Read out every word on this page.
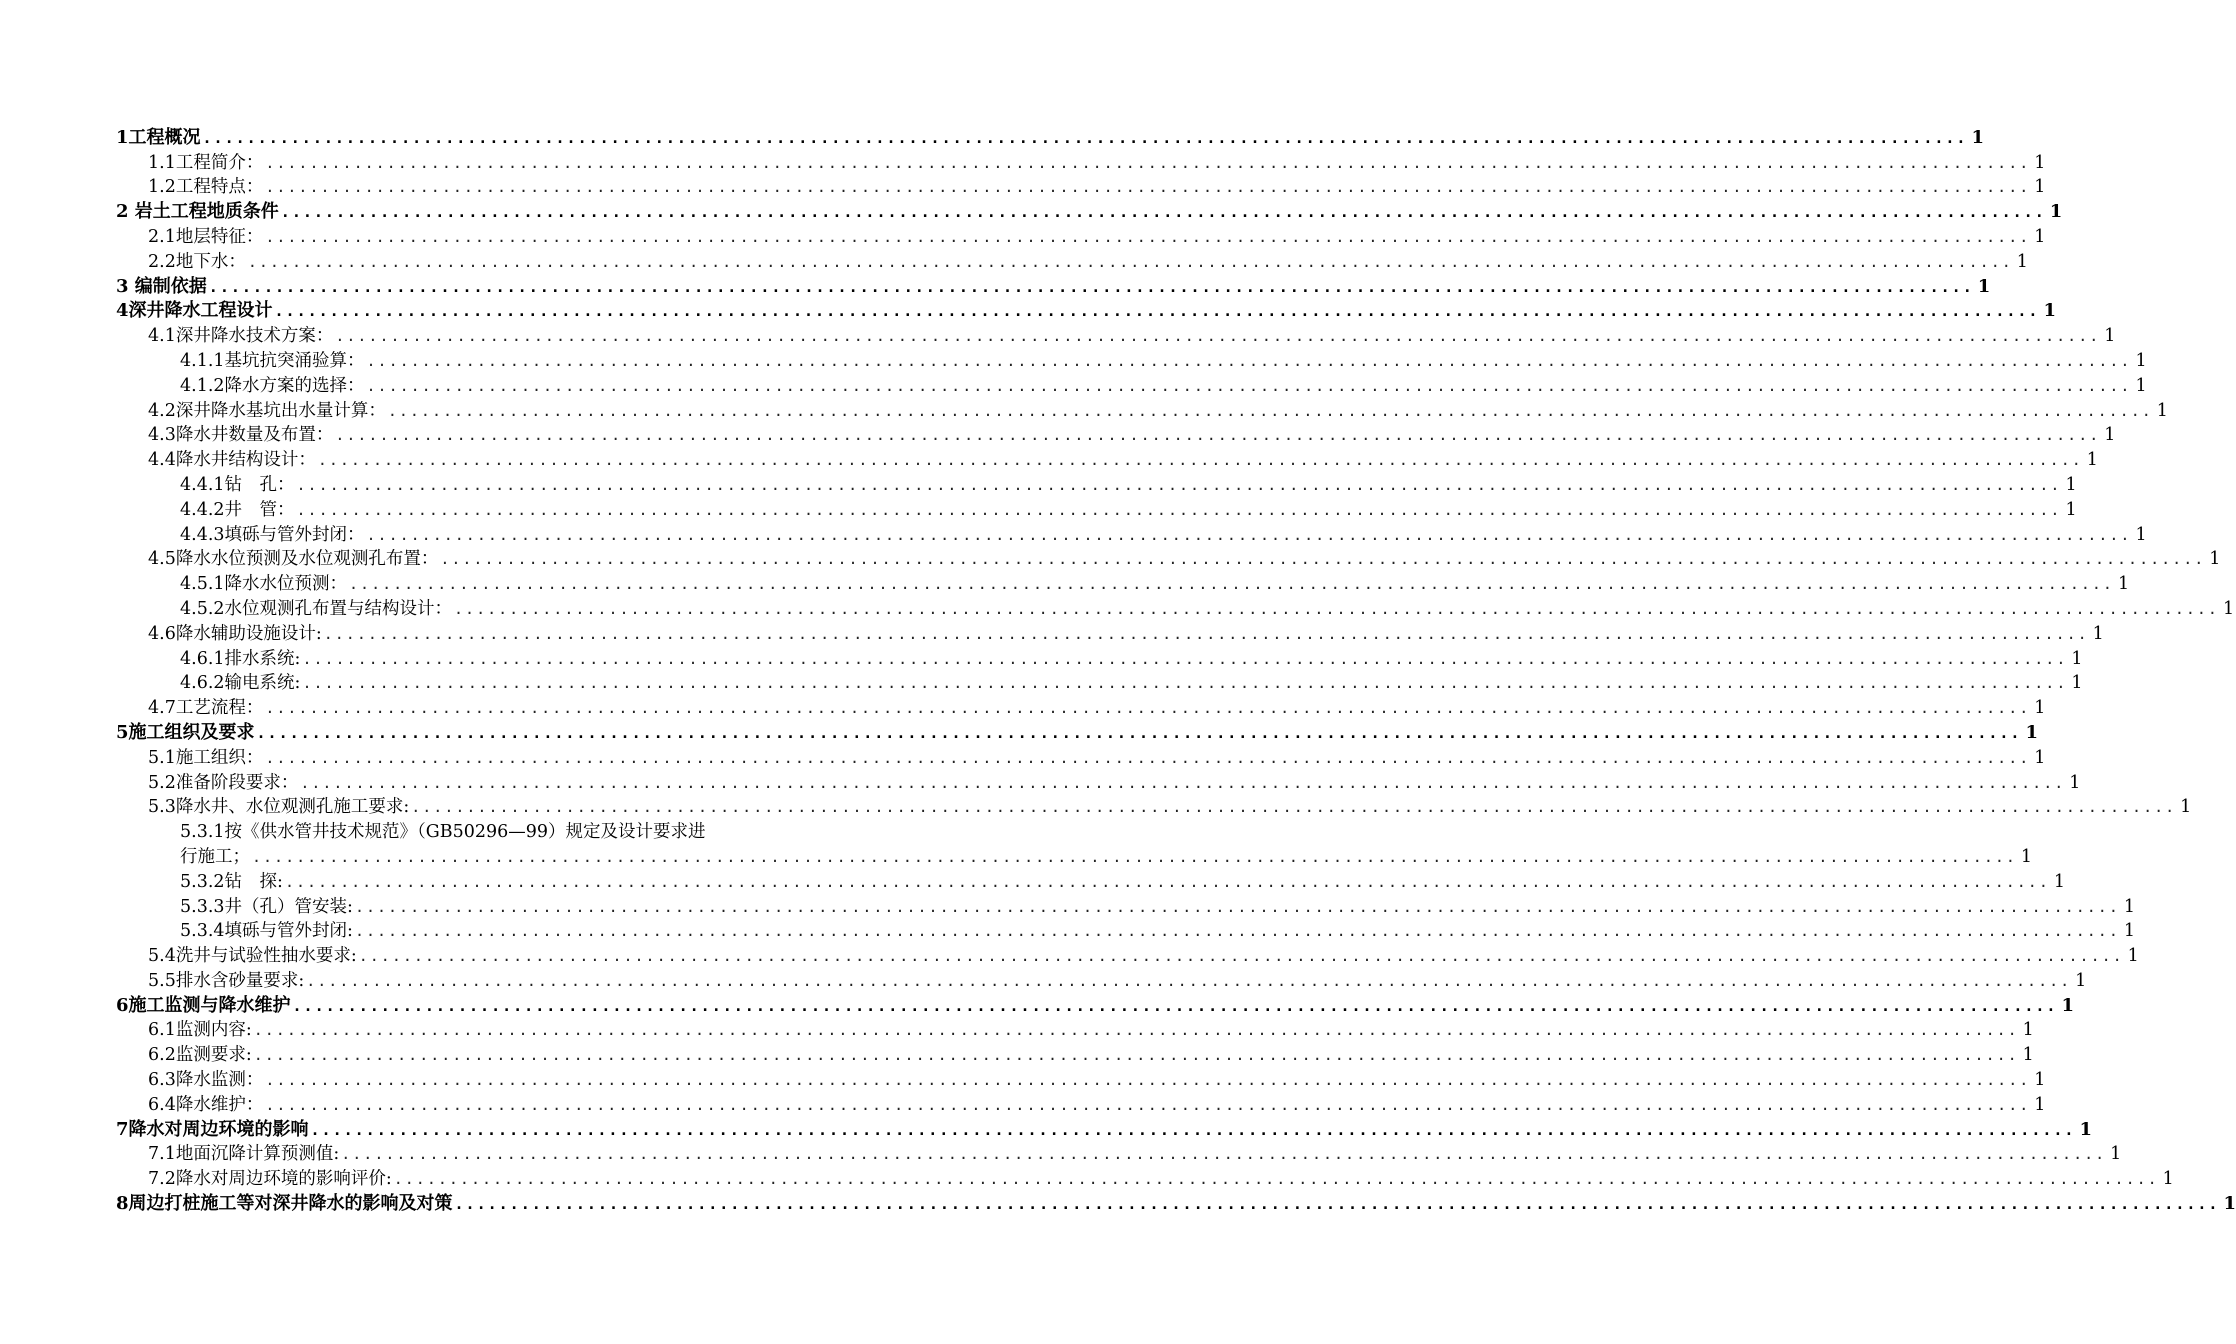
1工程概况 ................................................................................................................................................................ 1
1.1工程简介： ................................................................................................................................................................ 1
1.2工程特点： ................................................................................................................................................................ 1
2 岩土工程地质条件 ................................................................................................................................................................ 1
2.1地层特征： ................................................................................................................................................................ 1
2.2地下水： ................................................................................................................................................................ 1
3 编制依据 ................................................................................................................................................................ 1
4深井降水工程设计 ................................................................................................................................................................ 1
4.1深井降水技术方案： ................................................................................................................................................................ 1
4.1.1基坑抗突涌验算： ................................................................................................................................................................ 1
4.1.2降水方案的选择： ................................................................................................................................................................ 1
4.2深井降水基坑出水量计算： ................................................................................................................................................................ 1
4.3降水井数量及布置： ................................................................................................................................................................ 1
4.4降水井结构设计： ................................................................................................................................................................ 1
4.4.1钻　孔： ................................................................................................................................................................ 1
4.4.2井　管： ................................................................................................................................................................ 1
4.4.3填砾与管外封闭： ................................................................................................................................................................ 1
4.5降水水位预测及水位观测孔布置： ................................................................................................................................................................ 1
4.5.1降水水位预测： ................................................................................................................................................................ 1
4.5.2水位观测孔布置与结构设计： ................................................................................................................................................................ 1
4.6降水辅助设施设计: ................................................................................................................................................................ 1
4.6.1排水系统: ................................................................................................................................................................ 1
4.6.2输电系统: ................................................................................................................................................................ 1
4.7工艺流程： ................................................................................................................................................................ 1
5施工组织及要求 ................................................................................................................................................................ 1
5.1施工组织： ................................................................................................................................................................ 1
5.2准备阶段要求： ................................................................................................................................................................ 1
5.3降水井、水位观测孔施工要求: ................................................................................................................................................................ 1
5.3.1按《供水管井技术规范》（GB50296—99）规定及设计要求进
行施工； ................................................................................................................................................................ 1
5.3.2钻　探: ................................................................................................................................................................ 1
5.3.3井（孔）管安装: ................................................................................................................................................................ 1
5.3.4填砾与管外封闭: ................................................................................................................................................................ 1
5.4洗井与试验性抽水要求: ................................................................................................................................................................ 1
5.5排水含砂量要求: ................................................................................................................................................................ 1
6施工监测与降水维护 ................................................................................................................................................................ 1
6.1监测内容: ................................................................................................................................................................ 1
6.2监测要求: ................................................................................................................................................................ 1
6.3降水监测： ................................................................................................................................................................ 1
6.4降水维护： ................................................................................................................................................................ 1
7降水对周边环境的影响 ................................................................................................................................................................ 1
7.1地面沉降计算预测值: ................................................................................................................................................................ 1
7.2降水对周边环境的影响评价: ................................................................................................................................................................ 1
8周边打桩施工等对深井降水的影响及对策 ................................................................................................................................................................ 1
